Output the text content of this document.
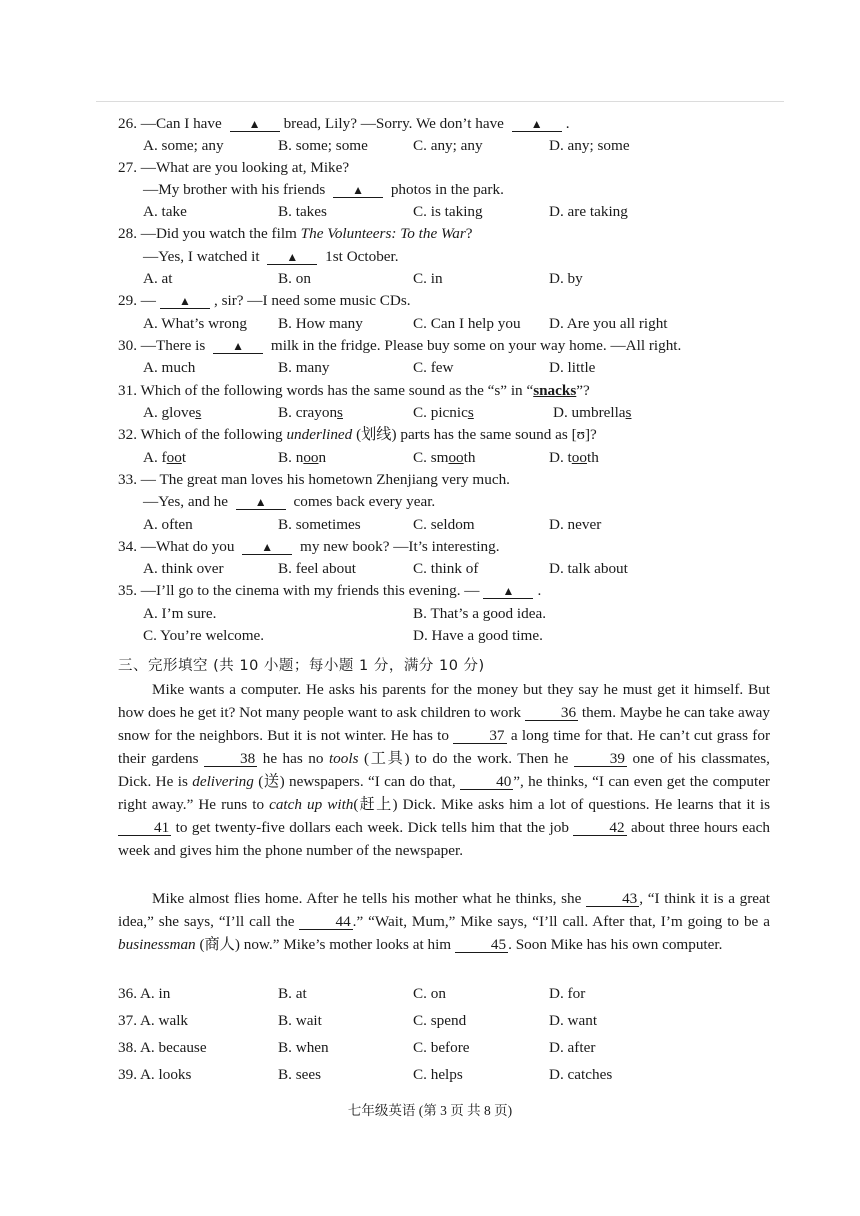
26. —Can I have ▲ bread, Lily? —Sorry. We don’t have ▲ .
A. some; any	B. some; some	C. any; any	D. any; some
27. —What are you looking at, Mike?
—My brother with his friends ▲ photos in the park.
A. take	B. takes	C. is taking	D. are taking
28. —Did you watch the film The Volunteers: To the War?
—Yes, I watched it ▲ 1st October.
A. at	B. on	C. in	D. by
29. — ▲ , sir? —I need some music CDs.
A. What’s wrong B. How many	C. Can I help you D. Are you all right
30. —There is ▲ milk in the fridge. Please buy some on your way home. —All right.
A. much	B. many	C. few	D. little
31. Which of the following words has the same sound as the “s” in “snacks”?
A. gloves	B. crayons	C. picnics	D. umbrellas
32. Which of the following underlined (划线) parts has the same sound as [ʊ]?
A. foot	B. noon	C. smooth	D. tooth
33. — The great man loves his hometown Zhenjiang very much.
—Yes, and he ▲ comes back every year.
A. often	B. sometimes	C. seldom	D. never
34. —What do you ▲ my new book? —It’s interesting.
A. think over	B. feel about	C. think of	D. talk about
35. —I’ll go to the cinema with my friends this evening. — ▲ .
A. I’m sure.	B. That’s a good idea.
C. You’re welcome.	D. Have a good time.
三、完形填空 (共 10 小题；每小题 1 分，满分 10 分)
Mike wants a computer. He asks his parents for the money but they say he must get it himself. But how does he get it? Not many people want to ask children to work 36 them. Maybe he can take away snow for the neighbors. But it is not winter. He has to 37 a long time for that. He can’t cut grass for their gardens 38 he has no tools (工具) to do the work. Then he 39 one of his classmates, Dick. He is delivering (送) newspapers. “I can do that, 40 ”, he thinks, “I can even get the computer right away.” He runs to catch up with(赶上) Dick. Mike asks him a lot of questions. He learns that it is 41 to get twenty-five dollars each week. Dick tells him that the job 42 about three hours each week and gives him the phone number of the newspaper.
Mike almost flies home. After he tells his mother what he thinks, she 43 , “I think it is a great idea,” she says, “I’ll call the 44 .” “Wait, Mum,” Mike says, “I’ll call. After that, I’m going to be a businessman (商人) now.” Mike’s mother looks at him 45 . Soon Mike has his own computer.
36. A. in	B. at	C. on	D. for
37. A. walk	B. wait	C. spend	D. want
38. A. because	B. when	C. before	D. after
39. A. looks	B. sees	C. helps	D. catches
七年级英语 (第 3 页 共 8 页)
